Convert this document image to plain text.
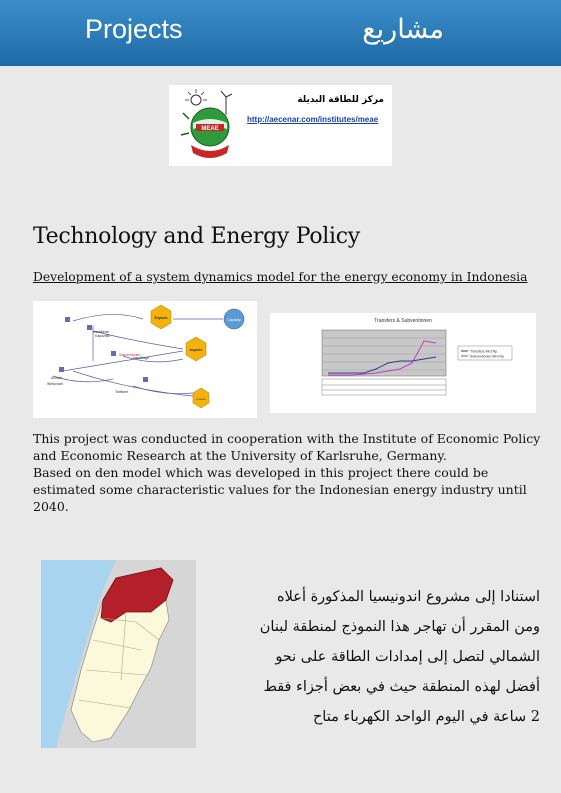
Projects	مشاريع
MEAE
مركز للطاقة البديلة
http://aecenar.com/institutes/meae
Technology and Energy Policy
Development of a system dynamics model for the energy economy in Indonesia
Installierte
Kapazitat
Anzahl
Wirtschaft
Nachfrage
Tarifwert
Subventionen
Exports
Imports
Capacity
Losses
Transfers & Subventionen
Transfers Mrd Rp
Subventionen Mrd Rp
This project was conducted in cooperation with the Institute of Economic Policy
and Economic Research at the University of Karlsruhe, Germany.
Based on den model which was developed in this project there could be
estimated some characteristic values for the Indonesian energy industry until
2040.
استنادا إلى مشروع اندونيسيا المذكورة أعلاه
ومن المقرر أن تهاجر هذا النموذج لمنطقة لبنان
الشمالي لتصل إلى إمدادات الطاقة على نحو
أفضل لهذه المنطقة حيث في بعض أجزاء فقط
2 ساعة في اليوم الواحد الكهرباء متاح
